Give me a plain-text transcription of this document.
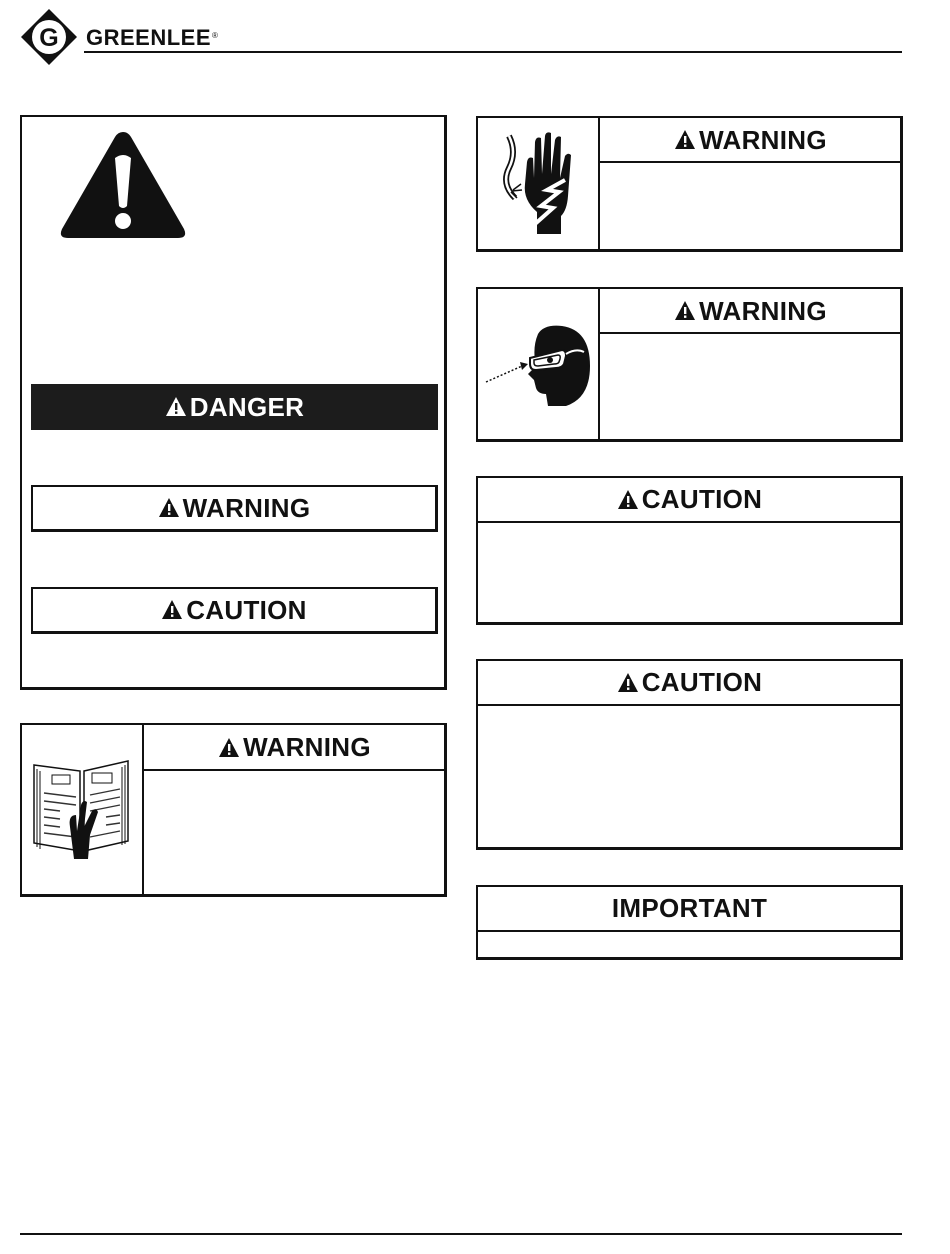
G GREENLEE®
DANGER
WARNING
CAUTION
WARNING
WARNING
WARNING
CAUTION
CAUTION
IMPORTANT
